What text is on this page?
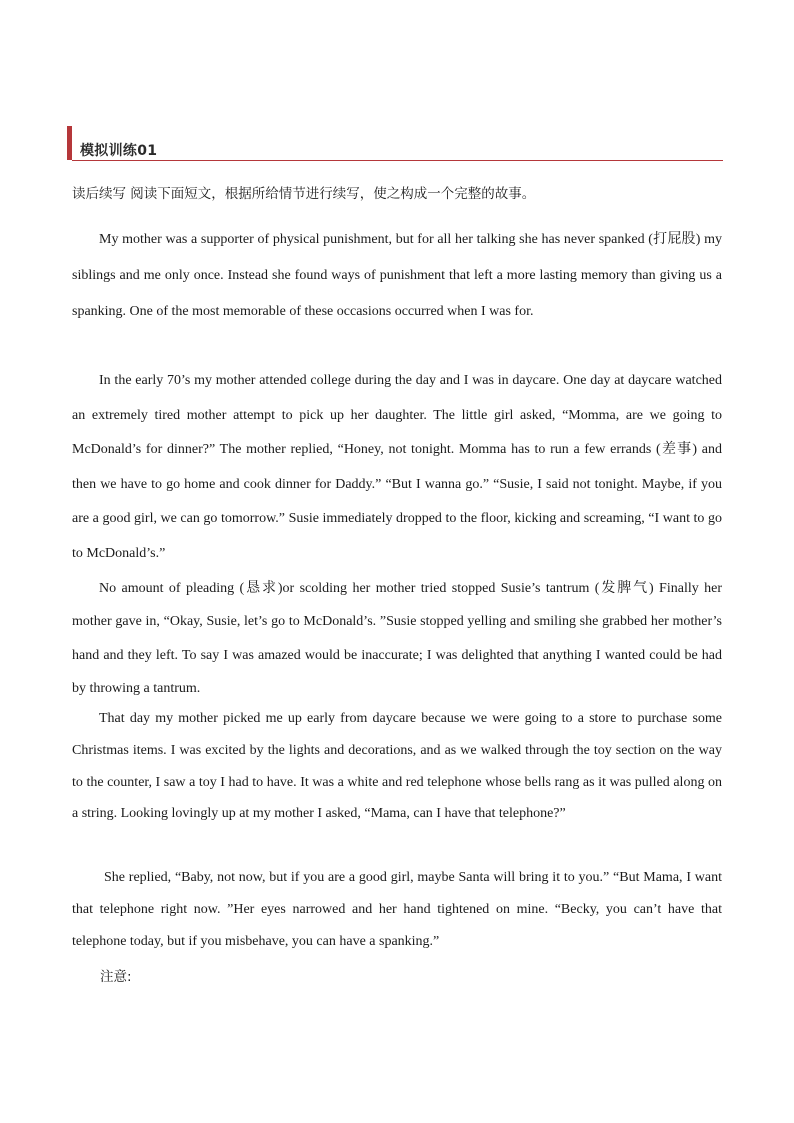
模拟训练01
读后续写 阅读下面短文，根据所给情节进行续写，使之构成一个完整的故事。

My mother was a supporter of physical punishment, but for all her talking she has never spanked (打屁股) my siblings and me only once. Instead she found ways of punishment that left a more lasting memory than giving us a spanking. One of the most memorable of these occasions occurred when I was for.

In the early 70’s my mother attended college during the day and I was in daycare. One day at daycare watched an extremely tired mother attempt to pick up her daughter. The little girl asked, “Momma, are we going to McDonald’s for dinner?” The mother replied, “Honey, not tonight. Momma has to run a few errands (差事) and then we have to go home and cook dinner for Daddy.” “But I wanna go.” “Susie, I said not tonight. Maybe, if you are a good girl, we can go tomorrow.” Susie immediately dropped to the floor, kicking and screaming, “I want to go to McDonald’s.”

No amount of pleading (恳求)or scolding her mother tried stopped Susie’s tantrum (发脾气) Finally her mother gave in, “Okay, Susie, let’s go to McDonald’s. ”Susie stopped yelling and smiling she grabbed her mother’s hand and they left. To say I was amazed would be inaccurate; I was delighted that anything I wanted could be had by throwing a tantrum.

That day my mother picked me up early from daycare because we were going to a store to purchase some Christmas items. I was excited by the lights and decorations, and as we walked through the toy section on the way to the counter, I saw a toy I had to have. It was a white and red telephone whose bells rang as it was pulled along on a string. Looking lovingly up at my mother I asked, “Mama, can I have that telephone?”

She replied, “Baby, not now, but if you are a good girl, maybe Santa will bring it to you.” “But Mama, I want that telephone right now. ”Her eyes narrowed and her hand tightened on mine. “Becky, you can’t have that telephone today, but if you misbehave, you can have a spanking.”

注意:
